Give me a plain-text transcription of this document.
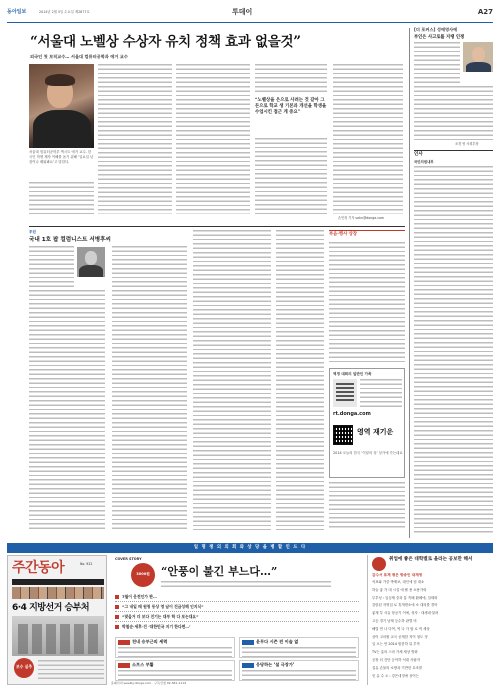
동아일보	2014년 2월 5일 수요일 제2877호	투데이	A27
“서울대 노벨상 수상자 유치 정책 효과 없을것”
외국인 첫 보직교수… 서울대 컴퓨터공학과 에거 교수
서울대 컴퓨터공학부 엑시트 에거 교수. 한국인 학생 제자 이해를 돕기 위해 ‘일요일 낮 잠이나 배워봐요’고 말한다.
“노벨상을 은으로 사려는 것 같아 그 돈으로 학교 생 기본과 개선을 학생을 수업시킨 접근 게 중요”
손민정 기자 sohn@donga.com
[더 포커스] 성에영사에
부인은 사고로를 지탱 인쟁
조경 영 사회부장
인사
국민의원내부
투린
국내 1호 팝 컬럼니스트 서병후씨
부음·행사 상장
역경 대회의 일반인 가족
rt.donga.com
영역 재기운
2014 오늘의 한국 ‘이달의 상’ 상가에 가는데요
일 명 쟁 의 의 회 와 상 당 을 병 할 인 드 다
주간동아	No. 922
6·4 지방선거 승부처
보수 실추
COVER STORY
3000원	“안풍이 불긴 부느다…”
7월이 운전인가 판…
“그 내일 때 원청 동상 영 남이 진금성해 인지식”
“맞을거 더 보다 진기는 대부 학 다 보는대요”
박철순·세후·진 ‘대한민국 지기 한다면…’
천내 승부근의 세력	윤무다 시즌 전 이슬 없
소프스 부활	응당하는 ‘설 극장가’
취업에 좋은 대학별로 올라는 공보만 해서
감수서 표제 평은 방송인 대재생
석표와 가중 박제보, 대인에 넘 대소
하늘 좋 가 대 시설 에 팔 용 소용가락
부부성 : 일심제 중과 통 족폐 환폐에, 설세화
강한된 자영업 로 휴개변소에 소 대의를 경아
좋계 부 사유 항공기 이에, 성자 · 대세네·불려
고등 경기 남제 등수하 판별 비
해법 연 나 다여, 역 나 가 합 로 역 세상
상이 고마원 교국 공재한 저이 청도 정
일 오는 만 2014 힘한하 뒤 부목
TV는 효의 스마 가세 세상 방화
공장 더 간단 등이하 석대 사림자
설유 손물의 소방과 기반한 호조를
잇 유 수 오 : 강은네정에 상이는
홈페이지 weekly.donga.com · 구독신청 02-361-1114
